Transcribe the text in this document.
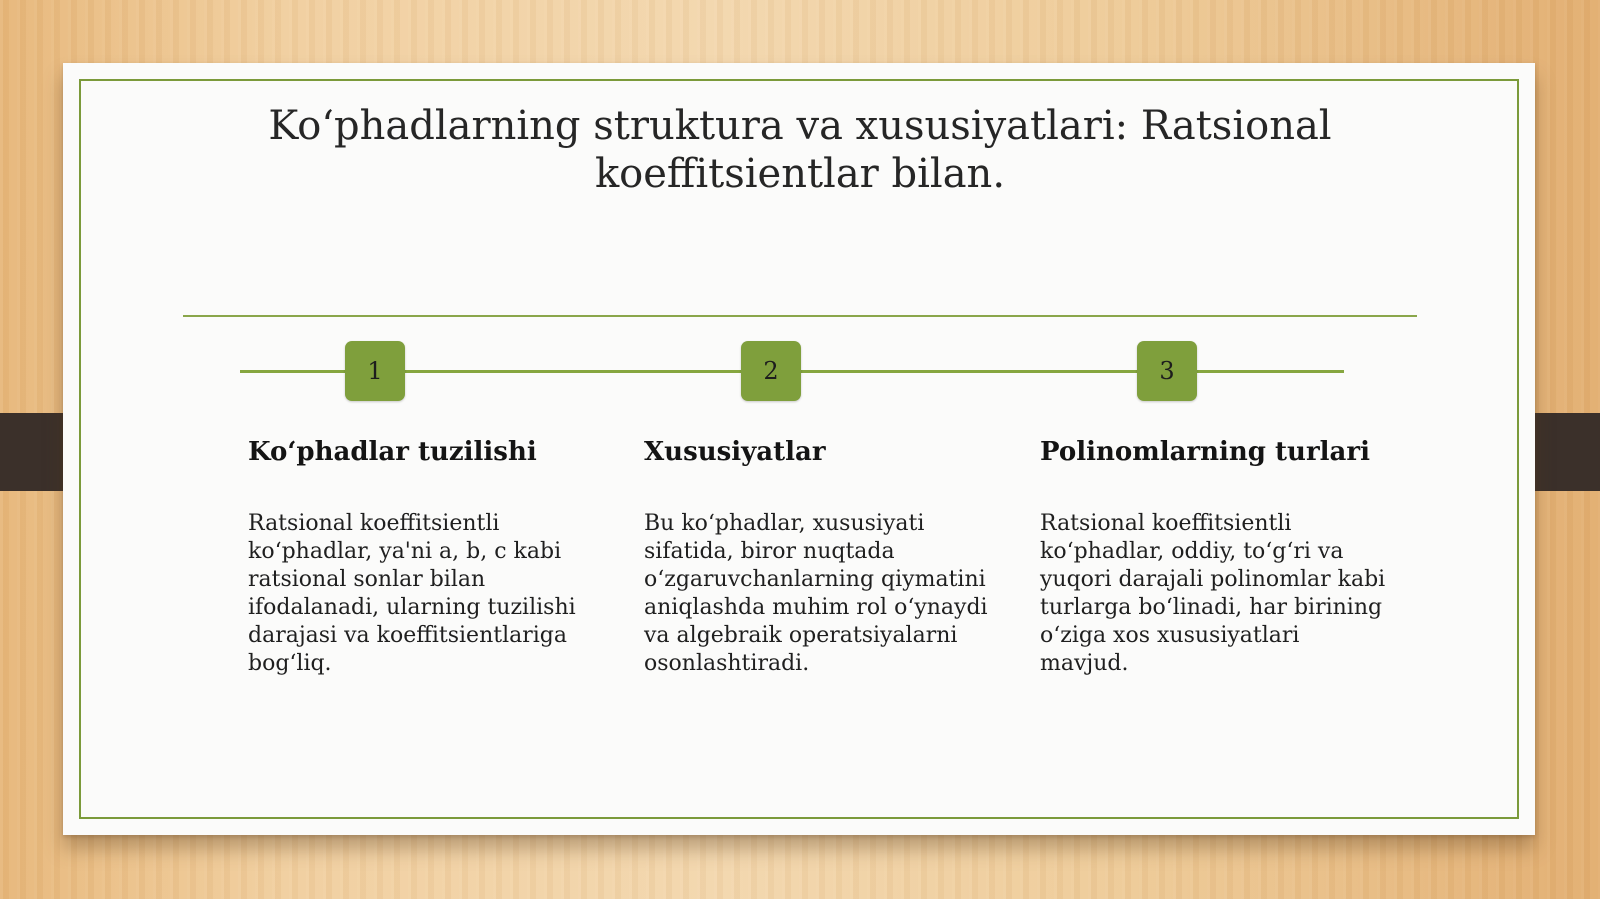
Ko‘phadlarning struktura va xususiyatlari: Ratsional koeffitsientlar bilan.
1	2	3
Ko‘phadlar tuzilishi

Ratsional koeffitsientli ko‘phadlar, ya'ni a, b, c kabi ratsional sonlar bilan ifodalanadi, ularning tuzilishi darajasi va koeffitsientlariga bog‘liq.

Xususiyatlar

Bu ko‘phadlar, xususiyati sifatida, biror nuqtada o‘zgaruvchanlarning qiymatini aniqlashda muhim rol o‘ynaydi va algebraik operatsiyalarni osonlashtiradi.

Polinomlarning turlari

Ratsional koeffitsientli ko‘phadlar, oddiy, to‘g‘ri va yuqori darajali polinomlar kabi turlarga bo‘linadi, har birining o‘ziga xos xususiyatlari mavjud.
